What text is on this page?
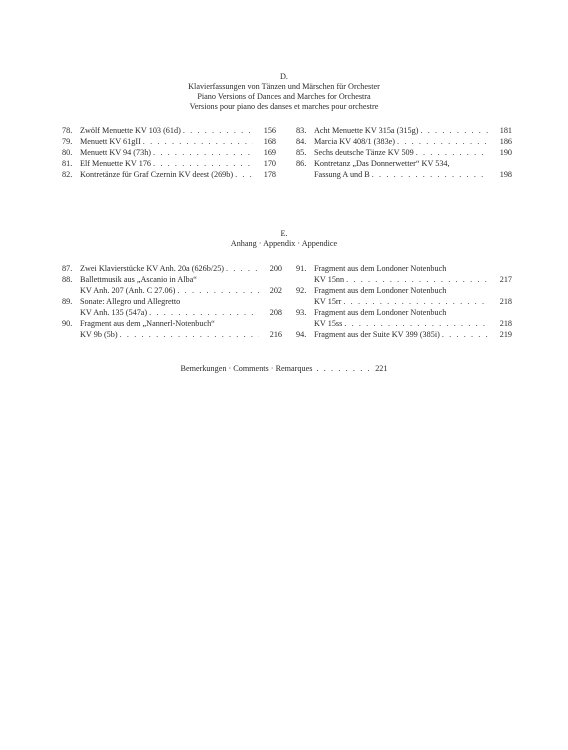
D.
Klavierfassungen von Tänzen und Märschen für Orchester
Piano Versions of Dances and Marches for Orchestra
Versions pour piano des danses et marches pour orchestre
78. Zwölf Menuette KV 103 (61d) . . .	156
79. Menuett KV 61gII . . .	168
80. Menuett KV 94 (73h) . . .	169
81. Elf Menuette KV 176 . . .	170
82. Kontretänze für Graf Czernin KV deest (269b) . . .	178
83. Acht Menuette KV 315a (315g) . . .	181
84. Marcia KV 408/1 (383e) . . .	186
85. Sechs deutsche Tänze KV 509 . . .	190
86. Kontretanz „Das Donnerwetter“ KV 534,
Fassung A und B . . .	198
E.
Anhang · Appendix · Appendice
87. Zwei Klavierstücke KV Anh. 20a (626b/25) . . .	200
88. Ballettmusik aus „Ascanio in Alba“
KV Anh. 207 (Anh. C 27.06) . . .	202
89. Sonate: Allegro und Allegretto
KV Anh. 135 (547a) . . .	208
90. Fragment aus dem „Nannerl-Notenbuch“
KV 9b (5b) . . .	216
91. Fragment aus dem Londoner Notenbuch
KV 15nn . . .	217
92. Fragment aus dem Londoner Notenbuch
KV 15rr . . .	218
93. Fragment aus dem Londoner Notenbuch
KV 15ss . . .	218
94. Fragment aus der Suite KV 399 (385i) . . .	219
Bemerkungen · Comments · Remarques . . . . . . . . 221
